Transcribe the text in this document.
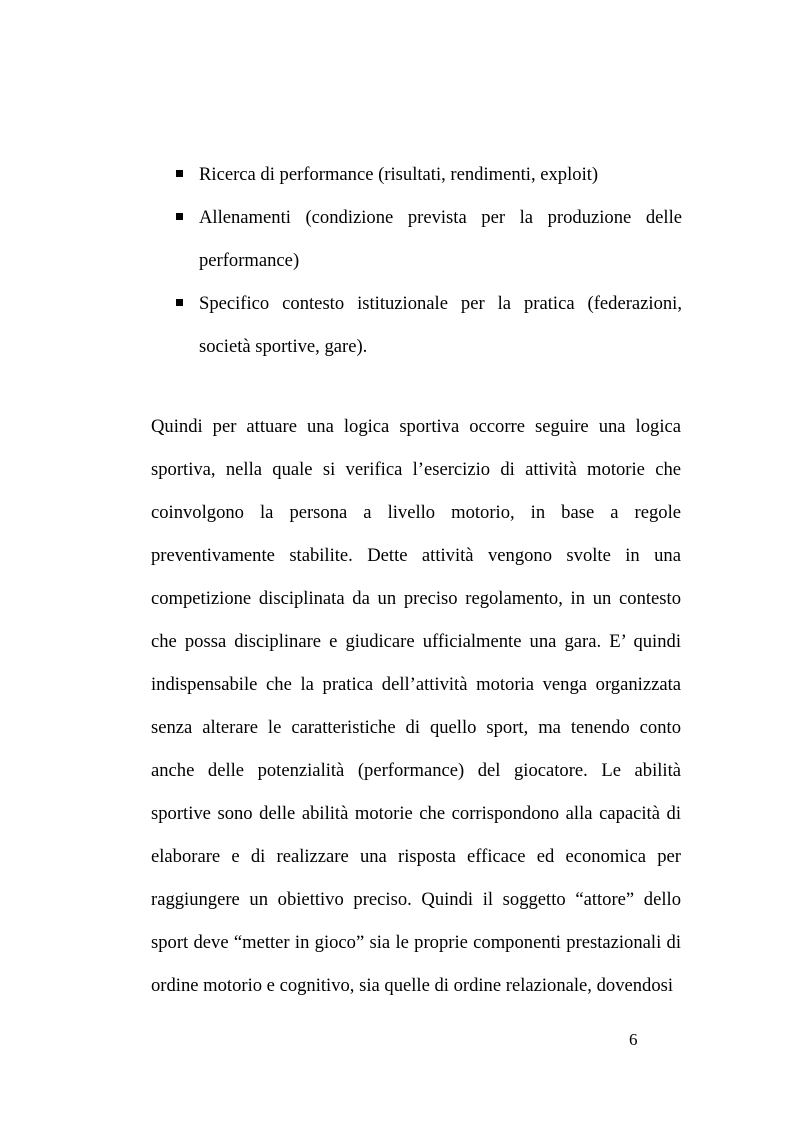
Ricerca di performance (risultati, rendimenti, exploit)
Allenamenti (condizione prevista per la produzione delle performance)
Specifico contesto istituzionale per la pratica (federazioni, società sportive, gare).

Quindi per attuare una logica sportiva occorre seguire una logica sportiva, nella quale si verifica l’esercizio di attività motorie che coinvolgono la persona a livello motorio, in base a regole preventivamente stabilite. Dette attività vengono svolte in una competizione disciplinata da un preciso regolamento, in un contesto che possa disciplinare e giudicare ufficialmente una gara. E’ quindi indispensabile che la pratica dell’attività motoria venga organizzata senza alterare le caratteristiche di quello sport, ma tenendo conto anche delle potenzialità (performance) del giocatore. Le abilità sportive sono delle abilità motorie che corrispondono alla capacità di elaborare e di realizzare una risposta efficace ed economica per raggiungere un obiettivo preciso. Quindi il soggetto “attore” dello sport deve “metter in gioco” sia le proprie componenti prestazionali di ordine motorio e cognitivo, sia quelle di ordine relazionale, dovendosi

6
